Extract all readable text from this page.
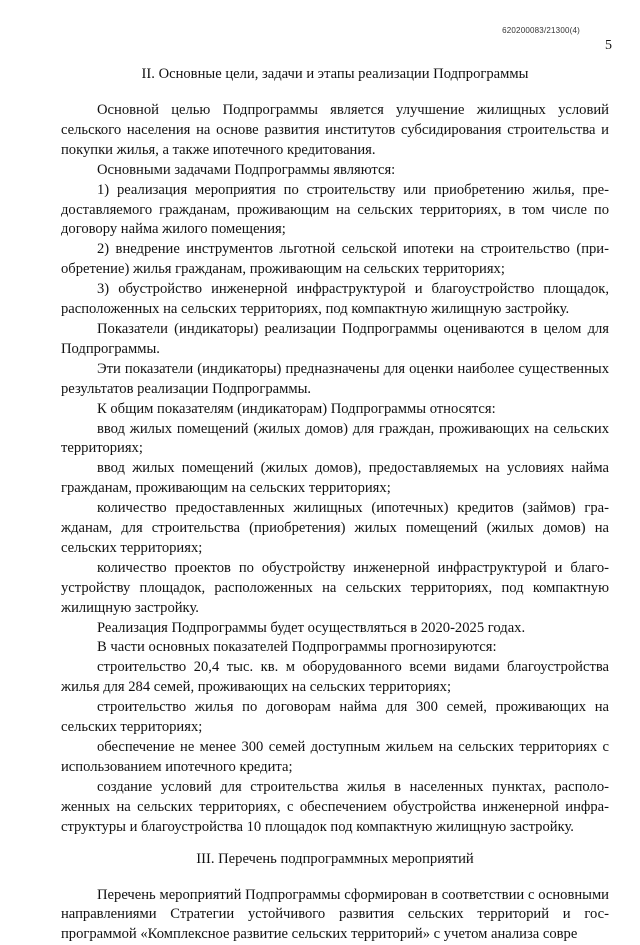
620200083/21300(4)
5
II. Основные цели, задачи и этапы реализации Подпрограммы

Основной целью Подпрограммы является улучшение жилищных условий сельского населения на основе развития институтов субсидирования строительства и покупки жилья, а также ипотечного кредитования.

Основными задачами Подпрограммы являются:

1) реализация мероприятия по строительству или приобретению жилья, предоставляемого гражданам, проживающим на сельских территориях, в том числе по договору найма жилого помещения;

2) внедрение инструментов льготной сельской ипотеки на строительство (приобретение) жилья гражданам, проживающим на сельских территориях;

3) обустройство инженерной инфраструктурой и благоустройство площадок, расположенных на сельских территориях, под компактную жилищную застройку.

Показатели (индикаторы) реализации Подпрограммы оцениваются в целом для Подпрограммы.

Эти показатели (индикаторы) предназначены для оценки наиболее существенных результатов реализации Подпрограммы.

К общим показателям (индикаторам) Подпрограммы относятся:

ввод жилых помещений (жилых домов) для граждан, проживающих на сельских территориях;

ввод жилых помещений (жилых домов), предоставляемых на условиях найма гражданам, проживающим на сельских территориях;

количество предоставленных жилищных (ипотечных) кредитов (займов) гражданам, для строительства (приобретения) жилых помещений (жилых домов) на сельских территориях;

количество проектов по обустройству инженерной инфраструктурой и благоустройству площадок, расположенных на сельских территориях, под компактную жилищную застройку.

Реализация Подпрограммы будет осуществляться в 2020-2025 годах.

В части основных показателей Подпрограммы прогнозируются:

строительство 20,4 тыс. кв. м оборудованного всеми видами благоустройства жилья для 284 семей, проживающих на сельских территориях;

строительство жилья по договорам найма для 300 семей, проживающих на сельских территориях;

обеспечение не менее 300 семей доступным жильем на сельских территориях с использованием ипотечного кредита;

создание условий для строительства жилья в населенных пунктах, расположенных на сельских территориях, с обеспечением обустройства инженерной инфраструктуры и благоустройства 10 площадок под компактную жилищную застройку.

III. Перечень подпрограммных мероприятий

Перечень мероприятий Подпрограммы сформирован в соответствии с основными направлениями Стратегии устойчивого развития сельских территорий и госпрограммой «Комплексное развитие сельских территорий» с учетом анализа совре
